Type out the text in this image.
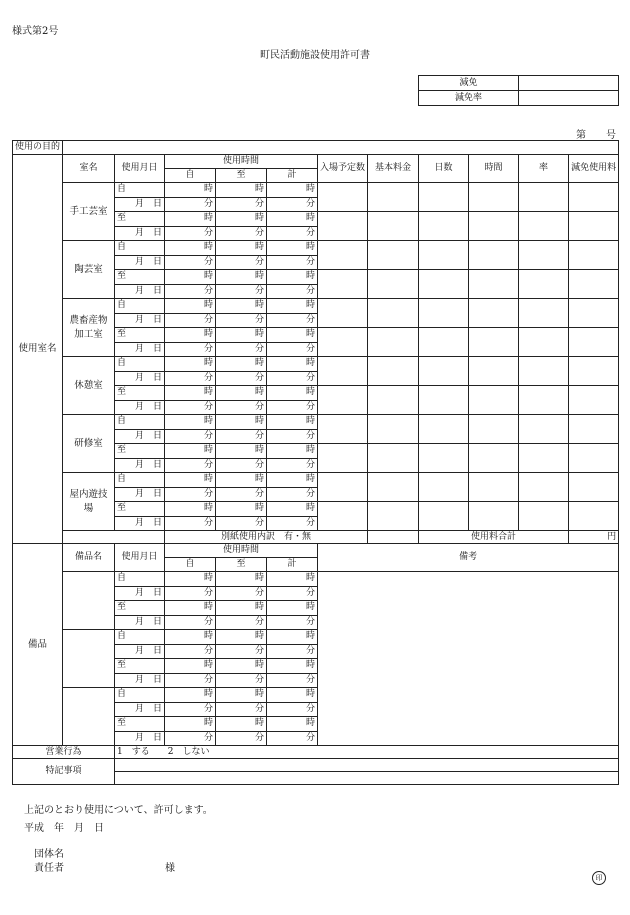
様式第2号
町民活動施設使用許可書
減免	
減免率	
第　　号
使用の目的											
使用室名	室名	使用月日	使用時間			入場予定数	基本料金	日数	時間	率	減免使用料
			自	至	計						
	手工芸室	自	時	時	時						
		月　日	分	分	分						
		至	時	時	時						
		月　日	分	分	分						
	陶芸室	自	時	時	時						
		月　日	分	分	分						
		至	時	時	時						
		月　日	分	分	分						
	農畜産物
加工室	自	時	時	時						
		月　日	分	分	分						
		至	時	時	時						
		月　日	分	分	分						
	休憩室	自	時	時	時						
		月　日	分	分	分						
		至	時	時	時						
		月　日	分	分	分						
	研修室	自	時	時	時						
		月　日	分	分	分						
		至	時	時	時						
		月　日	分	分	分						
	屋内遊技
場	自	時	時	時						
		月　日	分	分	分						
		至	時	時	時						
		月　日	分	分	分						
			別紙使用内訳　有・無					使用料合計			円
備品	備品名	使用月日	使用時間			備考					
			自	至	計						
		自	時	時	時						
		月　日	分	分	分						
		至	時	時	時						
		月　日	分	分	分						
		自	時	時	時						
		月　日	分	分	分						
		至	時	時	時						
		月　日	分	分	分						
		自	時	時	時						
		月　日	分	分	分						
		至	時	時	時						
		月　日	分	分	分						
営業行為		1　する　　2　しない									
特記事項											

上記のとおり使用について、許可します。
平成　年　月　日
団体名
責任者	様
印
